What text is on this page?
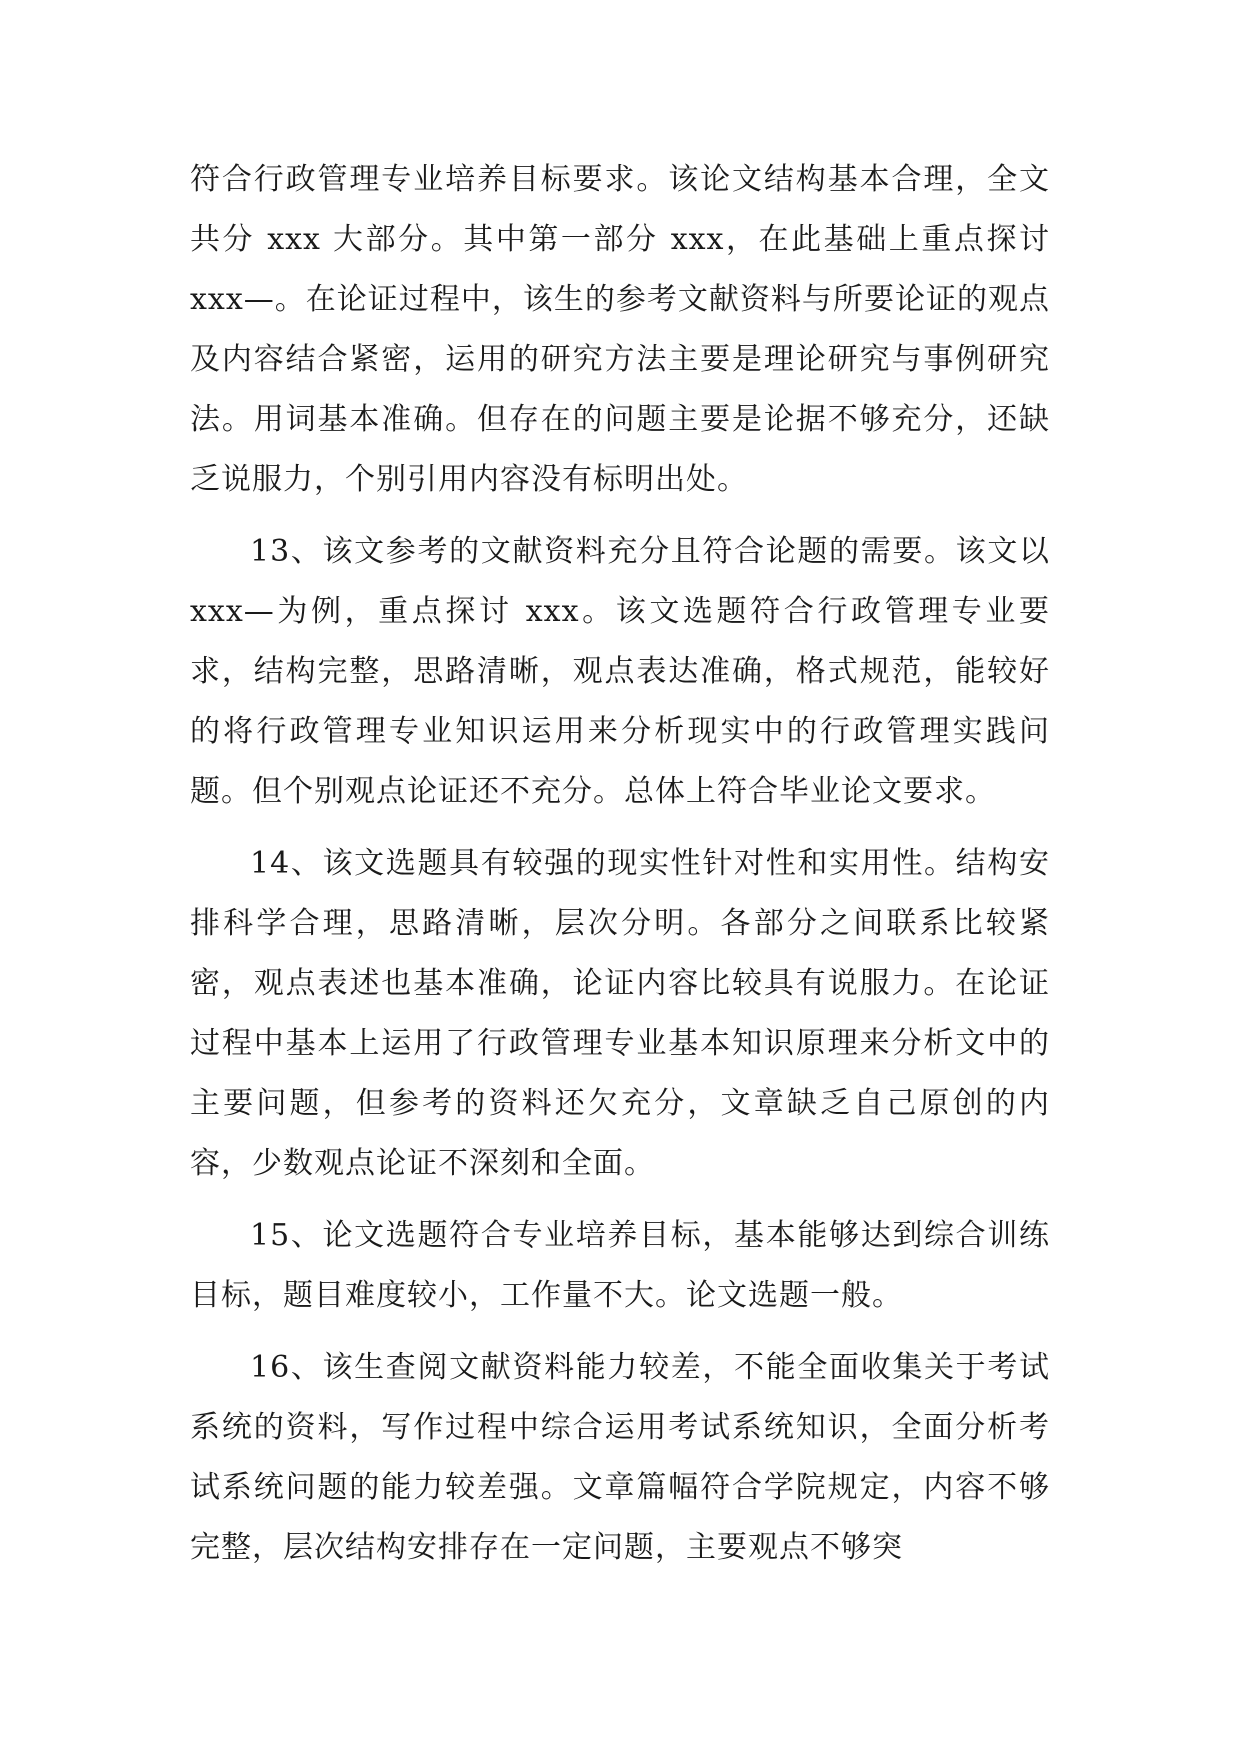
符合行政管理专业培养目标要求。该论文结构基本合理，全文共分 xxx 大部分。其中第一部分 xxx，在此基础上重点探讨 xxx—。在论证过程中，该生的参考文献资料与所要论证的观点及内容结合紧密，运用的研究方法主要是理论研究与事例研究法。用词基本准确。但存在的问题主要是论据不够充分，还缺乏说服力，个别引用内容没有标明出处。

13、该文参考的文献资料充分且符合论题的需要。该文以 xxx—为例，重点探讨 xxx。该文选题符合行政管理专业要求，结构完整，思路清晰，观点表达准确，格式规范，能较好的将行政管理专业知识运用来分析现实中的行政管理实践问题。但个别观点论证还不充分。总体上符合毕业论文要求。

14、该文选题具有较强的现实性针对性和实用性。结构安排科学合理，思路清晰，层次分明。各部分之间联系比较紧密，观点表述也基本准确，论证内容比较具有说服力。在论证过程中基本上运用了行政管理专业基本知识原理来分析文中的主要问题，但参考的资料还欠充分，文章缺乏自己原创的内容，少数观点论证不深刻和全面。

15、论文选题符合专业培养目标，基本能够达到综合训练目标，题目难度较小，工作量不大。论文选题一般。

16、该生查阅文献资料能力较差，不能全面收集关于考试系统的资料，写作过程中综合运用考试系统知识，全面分析考试系统问题的能力较差强。文章篇幅符合学院规定，内容不够完整，层次结构安排存在一定问题，主要观点不够突
